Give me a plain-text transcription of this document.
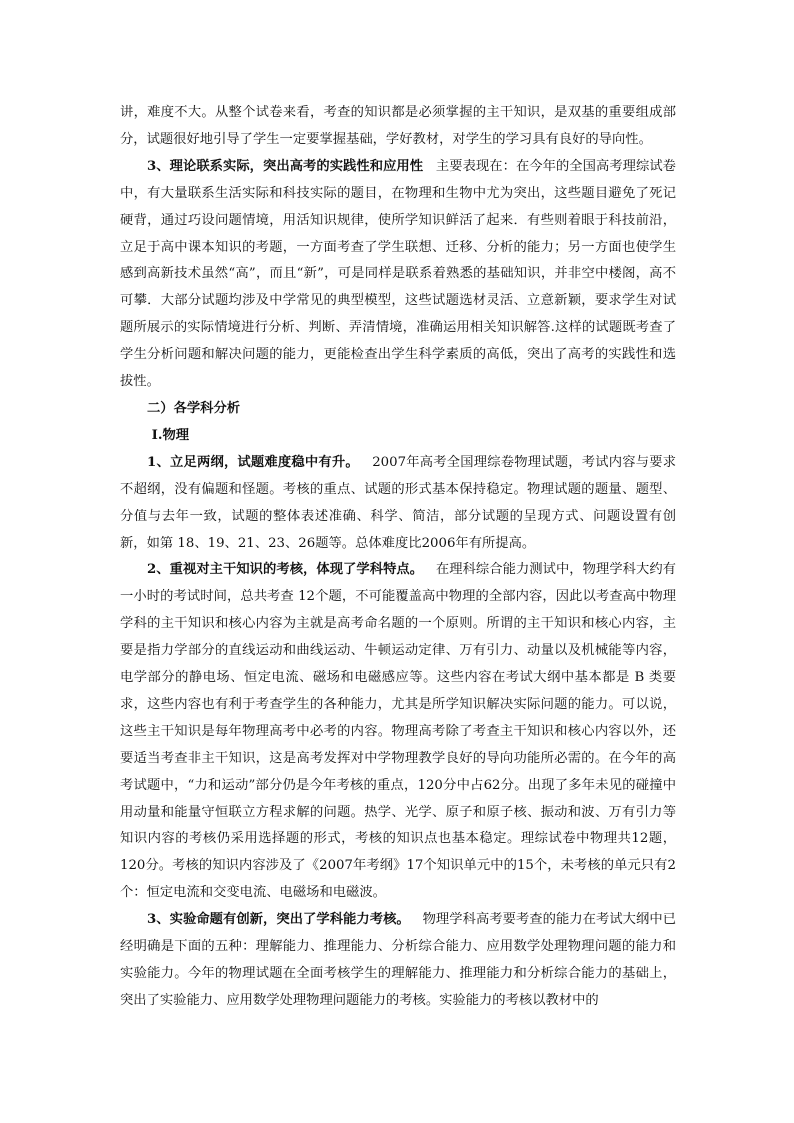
讲，难度不大。从整个试卷来看，考查的知识都是必须掌握的主干知识，是双基的重要组成部分，试题很好地引导了学生一定要掌握基础，学好教材，对学生的学习具有良好的导向性。

3、理论联系实际，突出高考的实践性和应用性 主要表现在：在今年的全国高考理综试卷中，有大量联系生活实际和科技实际的题目，在物理和生物中尤为突出，这些题目避免了死记硬背，通过巧设问题情境，用活知识规律，使所学知识鲜活了起来．有些则着眼于科技前沿，立足于高中课本知识的考题，一方面考查了学生联想、迁移、分析的能力；另一方面也使学生感到高新技术虽然“高”，而且“新”，可是同样是联系着熟悉的基础知识，并非空中楼阁，高不可攀．大部分试题均涉及中学常见的典型模型，这些试题选材灵活、立意新颖，要求学生对试题所展示的实际情境进行分析、判断、弄清情境，准确运用相关知识解答.这样的试题既考查了学生分析问题和解决问题的能力，更能检查出学生科学素质的高低，突出了高考的实践性和选拔性。

二）各学科分析

Ⅰ.物理

1、立足两纲，试题难度稳中有升。 2007年高考全国理综卷物理试题，考试内容与要求不超纲，没有偏题和怪题。考核的重点、试题的形式基本保持稳定。物理试题的题量、题型、分值与去年一致，试题的整体表述准确、科学、简洁，部分试题的呈现方式、问题设置有创新，如第 18、19、21、23、26题等。总体难度比2006年有所提高。

2、重视对主干知识的考核，体现了学科特点。 在理科综合能力测试中，物理学科大约有一小时的考试时间，总共考查 12个题，不可能覆盖高中物理的全部内容，因此以考查高中物理学科的主干知识和核心内容为主就是高考命名题的一个原则。所谓的主干知识和核心内容，主要是指力学部分的直线运动和曲线运动、牛顿运动定律、万有引力、动量以及机械能等内容，电学部分的静电场、恒定电流、磁场和电磁感应等。这些内容在考试大纲中基本都是 B 类要求，这些内容也有利于考查学生的各种能力，尤其是所学知识解决实际问题的能力。可以说，这些主干知识是每年物理高考中必考的内容。物理高考除了考查主干知识和核心内容以外，还要适当考查非主干知识，这是高考发挥对中学物理教学良好的导向功能所必需的。在今年的高考试题中，“力和运动”部分仍是今年考核的重点，120分中占62分。出现了多年未见的碰撞中用动量和能量守恒联立方程求解的问题。热学、光学、原子和原子核、振动和波、万有引力等知识内容的考核仍采用选择题的形式，考核的知识点也基本稳定。理综试卷中物理共12题，120分。考核的知识内容涉及了《2007年考纲》17个知识单元中的15个，未考核的单元只有2个：恒定电流和交变电流、电磁场和电磁波。

3、实验命题有创新，突出了学科能力考核。 物理学科高考要考查的能力在考试大纲中已经明确是下面的五种：理解能力、推理能力、分析综合能力、应用数学处理物理问题的能力和实验能力。今年的物理试题在全面考核学生的理解能力、推理能力和分析综合能力的基础上，突出了实验能力、应用数学处理物理问题能力的考核。实验能力的考核以教材中的
